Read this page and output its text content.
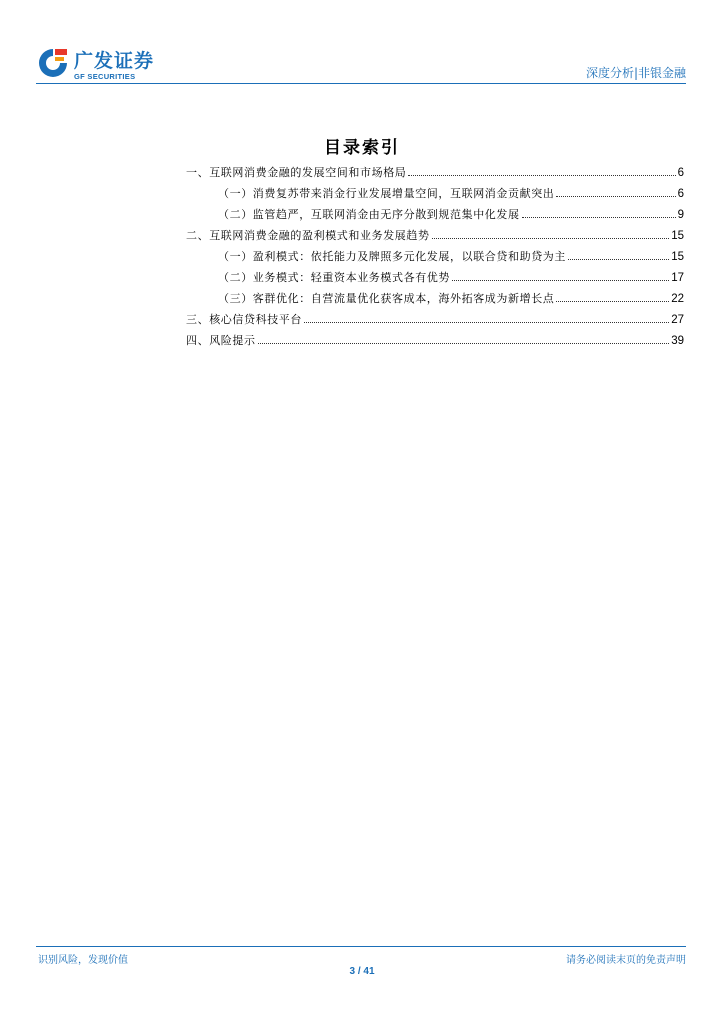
广发证券
GF SECURITIES	深度分析|非银金融
目录索引
一、互联网消费金融的发展空间和市场格局	6
（一）消费复苏带来消金行业发展增量空间，互联网消金贡献突出	6
（二）监管趋严，互联网消金由无序分散到规范集中化发展	9
二、互联网消费金融的盈利模式和业务发展趋势	15
（一）盈利模式：依托能力及牌照多元化发展，以联合贷和助贷为主	15
（二）业务模式：轻重资本业务模式各有优势	17
（三）客群优化：自营流量优化获客成本，海外拓客成为新增长点	22
三、核心信贷科技平台	27
四、风险提示	39
识别风险，发现价值	请务必阅读末页的免责声明
3 / 41
